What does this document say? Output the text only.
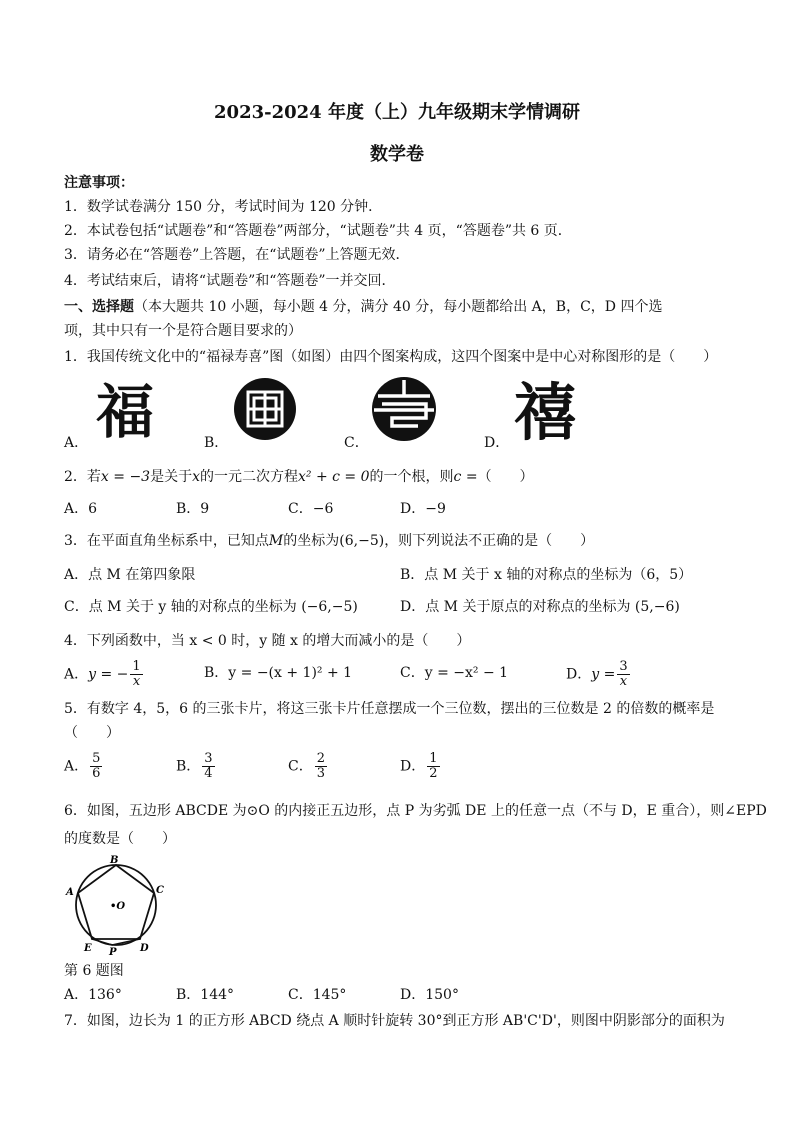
2023-2024 年度（上）九年级期末学情调研
数学卷
注意事项：
1．数学试卷满分 150 分，考试时间为 120 分钟．
2．本试卷包括“试题卷”和“答题卷”两部分，“试题卷”共 4 页，“答题卷”共 6 页．
3．请务必在“答题卷”上答题，在“试题卷”上答题无效．
4．考试结束后，请将“试题卷”和“答题卷”一并交回．
一、选择题（本大题共 10 小题，每小题 4 分，满分 40 分，每小题都给出 A，B，C，D 四个选
项，其中只有一个是符合题目要求的）
1．我国传统文化中的“福禄寿喜”图（如图）由四个图案构成，这四个图案中是中心对称图形的是（　　）
A．	B．	C．	D．
福	禧
2．若x = −3是关于x的一元二次方程x² + c = 0的一个根，则c =（　　）
A．6	B．9	C．−6	D．−9
3．在平面直角坐标系中，已知点M的坐标为(6,−5)，则下列说法不正确的是（　　）
A．点 M 在第四象限	B．点 M 关于 x 轴的对称点的坐标为（6，5）
C．点 M 关于 y 轴的对称点的坐标为 (−6,−5)	D．点 M 关于原点的对称点的坐标为 (5,−6)
4．下列函数中，当 x < 0 时，y 随 x 的增大而减小的是（　　）
A．y = − $\frac{1}{x}$	B．y = −(x + 1)² + 1	C．y = −x² − 1	D．$y = \frac{3}{x}$
5．有数字 4，5，6 的三张卡片，将这三张卡片任意摆成一个三位数，摆出的三位数是 2 的倍数的概率是
（　　）
A． $\frac{5}{6}$	B． $\frac{3}{4}$	C． $\frac{2}{3}$	D． $\frac{1}{2}$
6．如图，五边形 ABCDE 为⊙O 的内接正五边形，点 P 为劣弧 DE 上的任意一点（不与 D，E 重合），则∠EPD
的度数是（　　）
B
C
A
D
E P
•O
第 6 题图
A．136°	B．144°	C．145°	D．150°
7．如图，边长为 1 的正方形 ABCD 绕点 A 顺时针旋转 30°到正方形 AB'C'D'，则图中阴影部分的面积为
